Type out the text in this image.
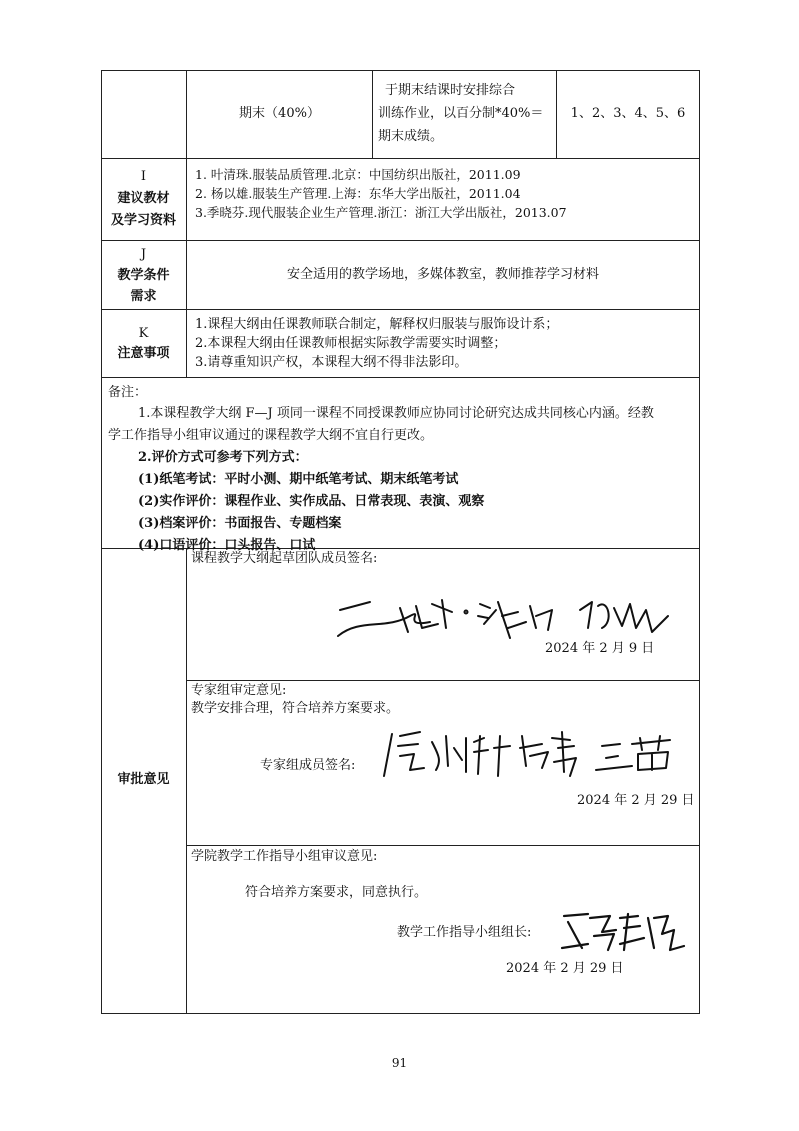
期末（40%）
于期末结课时安排综合
训练作业，以百分制*40%＝
期末成绩。
1、2、3、4、5、6
I
建议教材
及学习资料
1. 叶清珠.服装品质管理.北京：中国纺织出版社，2011.09
2. 杨以雄.服装生产管理.上海：东华大学出版社，2011.04
3.季晓芬.现代服装企业生产管理.浙江：浙江大学出版社，2013.07
J
教学条件
需求
安全适用的教学场地，多媒体教室，教师推荐学习材料
K
注意事项
1.课程大纲由任课教师联合制定，解释权归服装与服饰设计系；
2.本课程大纲由任课教师根据实际教学需要实时调整；
3.请尊重知识产权，本课程大纲不得非法影印。
备注：
1.本课程教学大纲 F—J 项同一课程不同授课教师应协同讨论研究达成共同核心内涵。经教
学工作指导小组审议通过的课程教学大纲不宜自行更改。
2.评价方式可参考下列方式：
(1)纸笔考试：平时小测、期中纸笔考试、期末纸笔考试
(2)实作评价：课程作业、实作成品、日常表现、表演、观察
(3)档案评价：书面报告、专题档案
(4)口语评价：口头报告、口试
审批意见
课程教学大纲起草团队成员签名:
2024 年 2 月 9 日
专家组审定意见:
教学安排合理，符合培养方案要求。
专家组成员签名:
2024 年 2 月 29 日
学院教学工作指导小组审议意见:
符合培养方案要求，同意执行。
教学工作指导小组组长:
2024 年 2 月 29 日
91
